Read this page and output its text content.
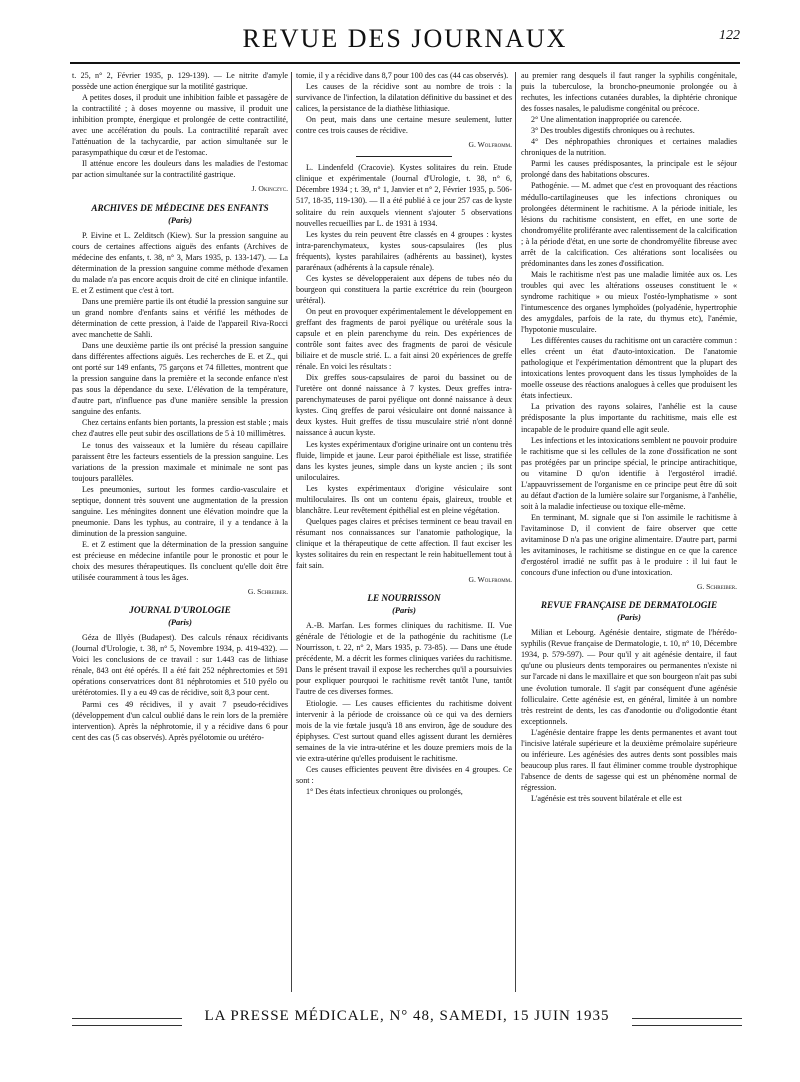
REVUE DES JOURNAUX	122

t. 25, n° 2, Février 1935, p. 129-139). — Le nitrite d'amyle possède une action énergique sur la motilité gastrique.

A petites doses, il produit une inhibition faible et passagère de la contractilité ; à doses moyenne ou massive, il produit une inhibition prompte, énergique et prolongée de cette contractilité, avec une accélération du pouls. La contractilité reparaît avec l'atténuation de la tachycardie, par action simultanée sur le parasympathique du cœur et de l'estomac.

Il atténue encore les douleurs dans les maladies de l'estomac par action simultanée sur la contractilité gastrique.

J. Okinczyc.
ARCHIVES DE MÉDECINE DES ENFANTS
(Paris)

P. Eivine et L. Zelditsch (Kiew). Sur la pression sanguine au cours de certaines affections aiguës des enfants (Archives de médecine des enfants, t. 38, n° 3, Mars 1935, p. 133-147). — La détermination de la pression sanguine comme méthode d'examen du malade n'a pas encore acquis droit de cité en clinique infantile. E. et Z estiment que c'est à tort.

Dans une première partie ils ont étudié la pression sanguine sur un grand nombre d'enfants sains et vérifié les méthodes de détermination de cette pression, à l'aide de l'appareil Riva-Rocci avec manchette de Sahli.

Dans une deuxième partie ils ont précisé la pression sanguine dans différentes affections aiguës. Les recherches de E. et Z., qui ont porté sur 149 enfants, 75 garçons et 74 fillettes, montrent que la pression sanguine dans la première et la seconde enfance n'est pas sous la dépendance du sexe. L'élévation de la température, d'autre part, n'influence pas d'une manière sensible la pression sanguine des enfants.

Chez certains enfants bien portants, la pression est stable ; mais chez d'autres elle peut subir des oscillations de 5 à 10 millimètres.

Le tonus des vaisseaux et la lumière du réseau capillaire paraissent être les facteurs essentiels de la pression sanguine. Les variations de la pression maximale et minimale ne sont pas toujours parallèles.

Les pneumonies, surtout les formes cardio-vasculaire et septique, donnent très souvent une augmentation de la pression sanguine. Les méningites donnent une élévation moindre que la pneumonie. Dans les typhus, au contraire, il y a tendance à la diminution de la pression sanguine.

E. et Z estiment que la détermination de la pression sanguine est précieuse en médecine infantile pour le pronostic et pour le choix des mesures thérapeutiques. Ils concluent qu'elle doit être utilisée couramment à tous les âges.

G. Schreiber.
JOURNAL D'UROLOGIE
(Paris)

Géza de Illyès (Budapest). Des calculs rénaux récidivants (Journal d'Urologie, t. 38, n° 5, Novembre 1934, p. 419-432). — Voici les conclusions de ce travail : sur 1.443 cas de lithiase rénale, 843 ont été opérés. Il a été fait 252 néphrectomies et 591 opérations conservatrices dont 81 néphrotomies et 510 pyélo ou urétérotomies. Il y a eu 49 cas de récidive, soit 8,3 pour cent.

Parmi ces 49 récidives, il y avait 7 pseudo-récidives (développement d'un calcul oublié dans le rein lors de la première intervention). Après la néphrotomie, il y a récidive dans 6 pour cent des cas (5 cas observés). Après pyélotomie ou urétéro-

tomie, il y a récidive dans 8,7 pour 100 des cas (44 cas observés).

Les causes de la récidive sont au nombre de trois : la survivance de l'infection, la dilatation définitive du bassinet et des calices, la persistance de la diathèse lithiasique.

On peut, mais dans une certaine mesure seulement, lutter contre ces trois causes de récidive.

G. Wolfromm.

L. Lindenfeld (Cracovie). Kystes solitaires du rein. Etude clinique et expérimentale (Journal d'Urologie, t. 38, n° 6, Décembre 1934 ; t. 39, n° 1, Janvier et n° 2, Février 1935, p. 506-517, 18-35, 119-130). — Il a été publié à ce jour 257 cas de kyste solitaire du rein auxquels viennent s'ajouter 5 observations nouvelles recueillies par L. de 1931 à 1934.

Les kystes du rein peuvent être classés en 4 groupes : kystes intra-parenchymateux, kystes sous-capsulaires (les plus fréquents), kystes parahilaires (adhérents au bassinet), kystes pararénaux (adhérents à la capsule rénale).

Ces kystes se développeraient aux dépens de tubes néo du bourgeon qui constituera la partie excrétrice du rein (bourgeon urétéral).

On peut en provoquer expérimentalement le développement en greffant des fragments de paroi pyélique ou urétérale sous la capsule et en plein parenchyme du rein. Des expériences de contrôle sont faites avec des fragments de paroi de vésicule biliaire et de muscle strié. L. a fait ainsi 20 expériences de greffe rénale. En voici les résultats :

Dix greffes sous-capsulaires de paroi du bassinet ou de l'uretère ont donné naissance à 7 kystes. Deux greffes intra-parenchymateuses de paroi pyélique ont donné naissance à deux kystes. Cinq greffes de paroi vésiculaire ont donné naissance à deux kystes. Huit greffes de tissu musculaire strié n'ont donné naissance à aucun kyste.

Les kystes expérimentaux d'origine urinaire ont un contenu très fluide, limpide et jaune. Leur paroi épithéliale est lisse, stratifiée dans les kystes jeunes, simple dans un kyste ancien ; ils sont uniloculaires.

Les kystes expérimentaux d'origine vésiculaire sont multiloculaires. Ils ont un contenu épais, glaireux, trouble et blanchâtre. Leur revêtement épithélial est en pleine végétation.

Quelques pages claires et précises terminent ce beau travail en résumant nos connaissances sur l'anatomie pathologique, la clinique et la thérapeutique de cette affection. Il faut exciser les kystes solitaires du rein en respectant le rein habituellement tout à fait sain.

G. Wolfromm.
LE NOURRISSON
(Paris)

A.-B. Marfan. Les formes cliniques du rachitisme. II. Vue générale de l'étiologie et de la pathogénie du rachitisme (Le Nourrisson, t. 22, n° 2, Mars 1935, p. 73-85). — Dans une étude précédente, M. a décrit les formes cliniques variées du rachitisme. Dans le présent travail il expose les recherches qu'il a poursuivies pour expliquer pourquoi le rachitisme revêt tantôt l'une, tantôt l'autre de ces diverses formes.

Etiologie. — Les causes efficientes du rachitisme doivent intervenir à la période de croissance où ce qui va des derniers mois de la vie fœtale jusqu'à 18 ans environ, âge de soudure des épiphyses. C'est surtout quand elles agissent durant les dernières semaines de la vie intra-utérine et les douze premiers mois de la vie extra-utérine qu'elles produisent le rachitisme.

Ces causes efficientes peuvent être divisées en 4 groupes. Ce sont :

1° Des états infectieux chroniques ou prolongés,

au premier rang desquels il faut ranger la syphilis congénitale, puis la tuberculose, la broncho-pneumonie prolongée ou à rechutes, les infections cutanées durables, la diphtérie chronique des fosses nasales, le paludisme congénital ou précoce.

2° Une alimentation inappropriée ou carencée.

3° Des troubles digestifs chroniques ou à rechutes.

4° Des néphropathies chroniques et certaines maladies chroniques de la nutrition.

Parmi les causes prédisposantes, la principale est le séjour prolongé dans des habitations obscures.

Pathogénie. — M. admet que c'est en provoquant des réactions médullo-cartilagineuses que les infections chroniques ou prolongées déterminent le rachitisme. A la période initiale, les lésions du rachitisme consistent, en effet, en une sorte de chondromyélite proliférante avec ralentissement de la calcification ; à la période d'état, en une sorte de chondromyélite fibreuse avec arrêt de la calcification. Ces altérations sont localisées ou prédominantes dans les zones d'ossification.

Mais le rachitisme n'est pas une maladie limitée aux os. Les troubles qui avec les altérations osseuses constituent le « syndrome rachitique » ou mieux l'ostéo-lymphatisme » sont l'intumescence des organes lymphoïdes (polyadénie, hypertrophie des amygdales, parfois de la rate, du thymus etc), l'anémie, l'hypotonie musculaire.

Les différentes causes du rachitisme ont un caractère commun : elles créent un état d'auto-intoxication. De l'anatomie pathologique et l'expérimentation démontrent que la plupart des intoxications lentes provoquent dans les tissus lymphoïdes de la moelle osseuse des réactions analogues à celles que produisent les états infectieux.

La privation des rayons solaires, l'anhélie est la cause prédisposante la plus importante du rachitisme, mais elle est incapable de le produire quand elle agit seule.

Les infections et les intoxications semblent ne pouvoir produire le rachitisme que si les cellules de la zone d'ossification ne sont pas protégées par un principe spécial, le principe antirachitique, ou vitamine D qu'on identifie à l'ergostérol irradié. L'appauvrissement de l'organisme en ce principe peut être dû soit au défaut d'action de la lumière solaire sur l'organisme, à l'anhélie, soit à la maladie infectieuse ou toxique elle-même.

En terminant, M. signale que si l'on assimile le rachitisme à l'avitaminose D, il convient de faire observer que cette avitaminose D n'a pas une origine alimentaire. D'autre part, parmi les avitaminoses, le rachitisme se distingue en ce que la carence d'ergostérol irradié ne suffit pas à le produire : il lui faut le concours d'une infection ou d'une intoxication.

G. Schreiber.
REVUE FRANÇAISE DE DERMATOLOGIE
(Paris)

Milian et Lebourg. Agénésie dentaire, stigmate de l'hérédo-syphilis (Revue française de Dermatologie, t. 10, n° 10, Décembre 1934, p. 579-597). — Pour qu'il y ait agénésie dentaire, il faut qu'une ou plusieurs dents temporaires ou permanentes n'existe ni sur l'arcade ni dans le maxillaire et que son bourgeon n'ait pas subi une évolution tumorale. Il s'agit par conséquent d'une agénésie folliculaire. Cette agénésie est, en général, limitée à un nombre très restreint de dents, les cas d'anodontie ou d'oligodontie étant exceptionnels.

L'agénésie dentaire frappe les dents permanentes et avant tout l'incisive latérale supérieure et la deuxième prémolaire supérieure ou inférieure. Les agénésies des autres dents sont possibles mais beaucoup plus rares. Il faut éliminer comme trouble dystrophique l'absence de dents de sagesse qui est un phénomène normal de régression.

L'agénésie est très souvent bilatérale et elle est

LA PRESSE MÉDICALE, N° 48, SAMEDI, 15 JUIN 1935
